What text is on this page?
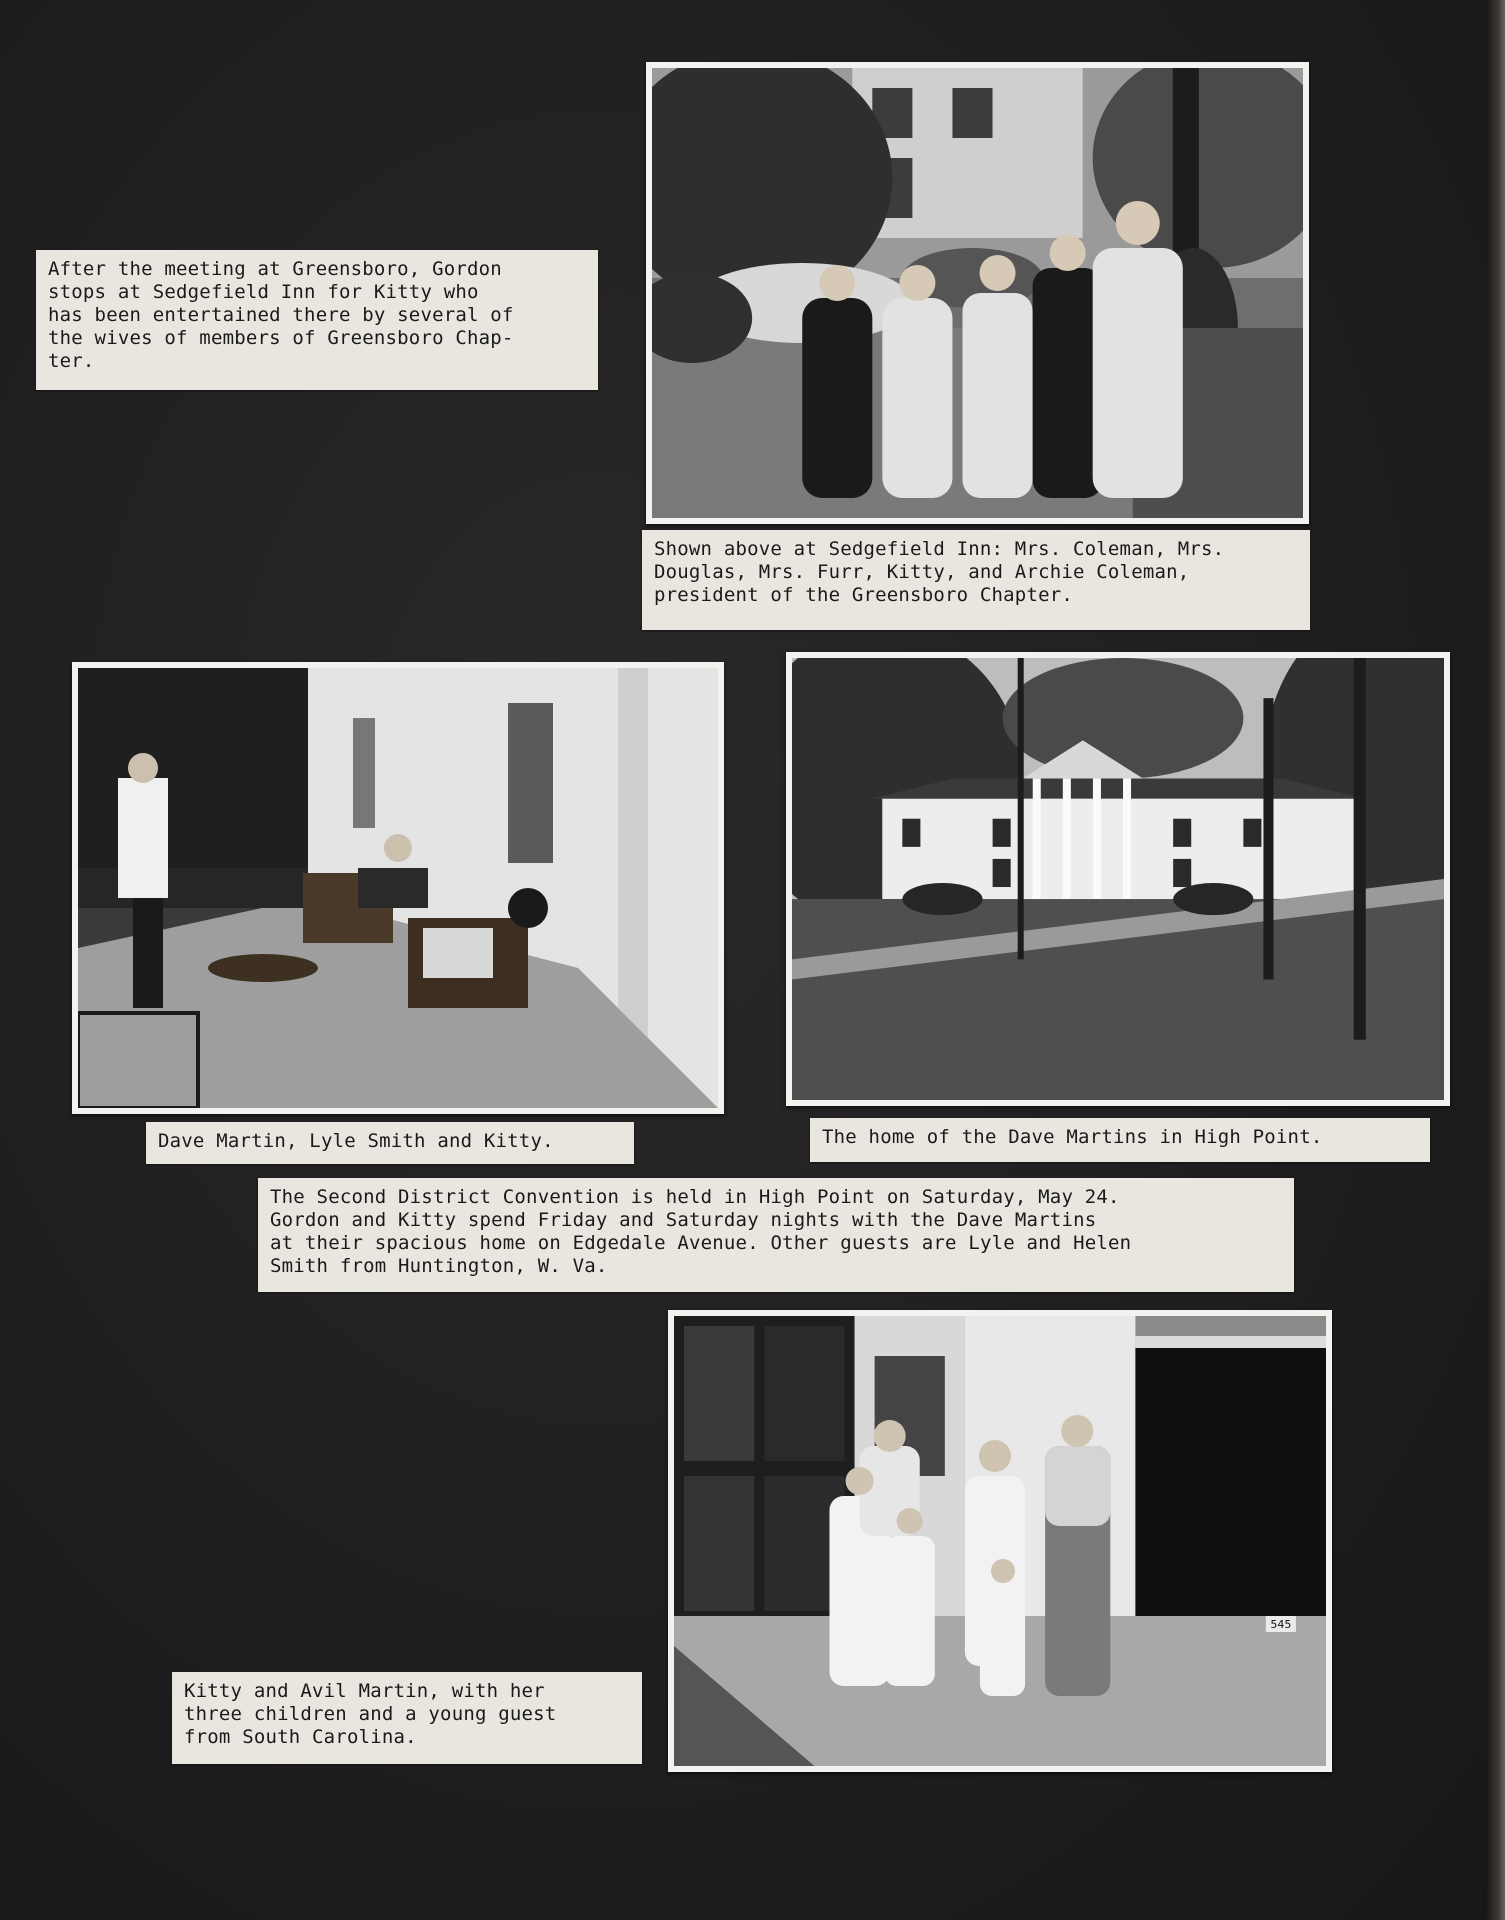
After the meeting at Greensboro, Gordon
stops at Sedgefield Inn for Kitty who
has been entertained there by several of
the wives of members of Greensboro Chap-
ter.
Shown above at Sedgefield Inn: Mrs. Coleman, Mrs.
Douglas, Mrs. Furr, Kitty, and Archie Coleman,
president of the Greensboro Chapter.
Dave Martin, Lyle Smith and Kitty.	The home of the Dave Martins in High Point.
The Second District Convention is held in High Point on Saturday, May 24.
Gordon and Kitty spend Friday and Saturday nights with the Dave Martins
at their spacious home on Edgedale Avenue. Other guests are Lyle and Helen
Smith from Huntington, W. Va.
545
Kitty and Avil Martin, with her
three children and a young guest
from South Carolina.
